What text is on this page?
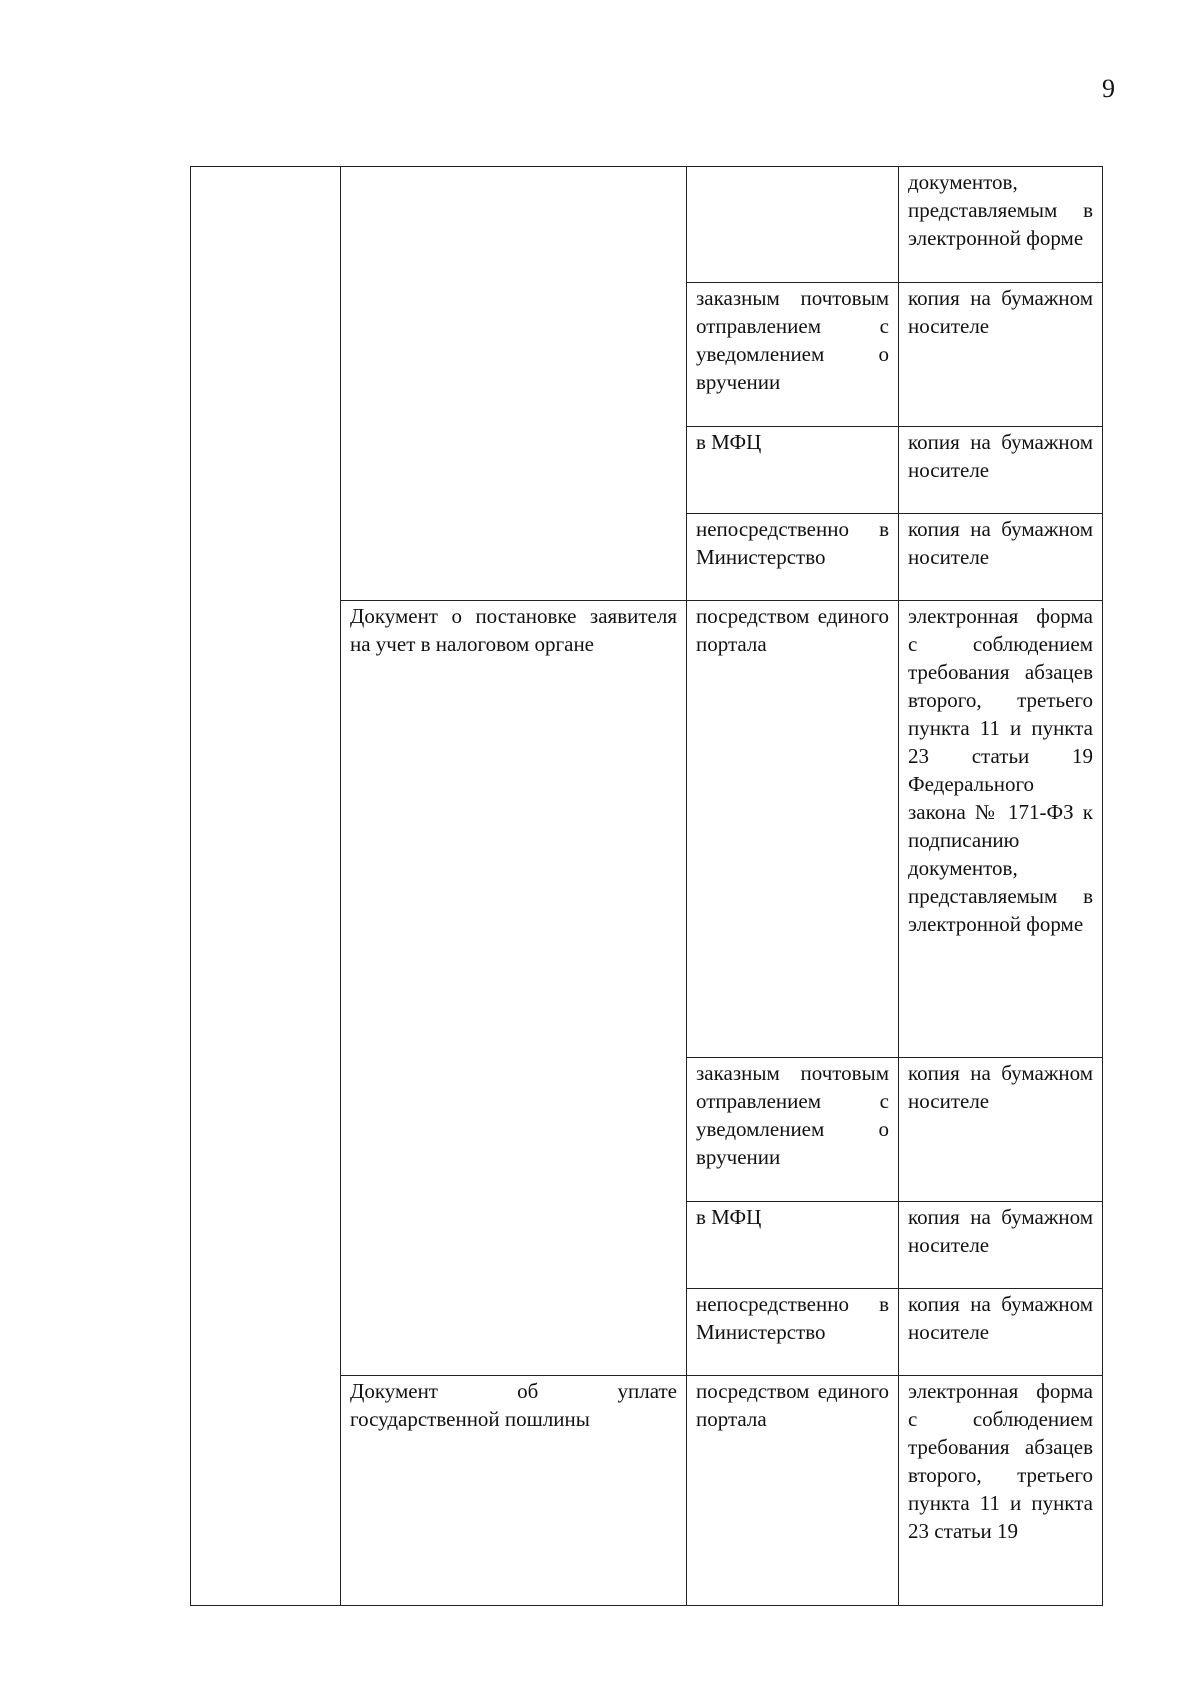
9
			документов, представляемым в электронной форме
		заказным почтовым отправлением с уведомлением о вручении	копия на бумажном носителе
		в МФЦ	копия на бумажном носителе
		непосредственно в Министерство	копия на бумажном носителе
	Документ о постановке заявителя на учет в налоговом органе	посредством единого портала	электронная форма с соблюдением требования абзацев второго, третьего пункта 11 и пункта 23 статьи 19 Федерального закона № 171-ФЗ к подписанию документов, представляемым в электронной форме
		заказным почтовым отправлением с уведомлением о вручении	копия на бумажном носителе
		в МФЦ	копия на бумажном носителе
		непосредственно в Министерство	копия на бумажном носителе
	Документ об уплате государственной пошлины	посредством единого портала	электронная форма с соблюдением требования абзацев второго, третьего пункта 11 и пункта 23 статьи 19
